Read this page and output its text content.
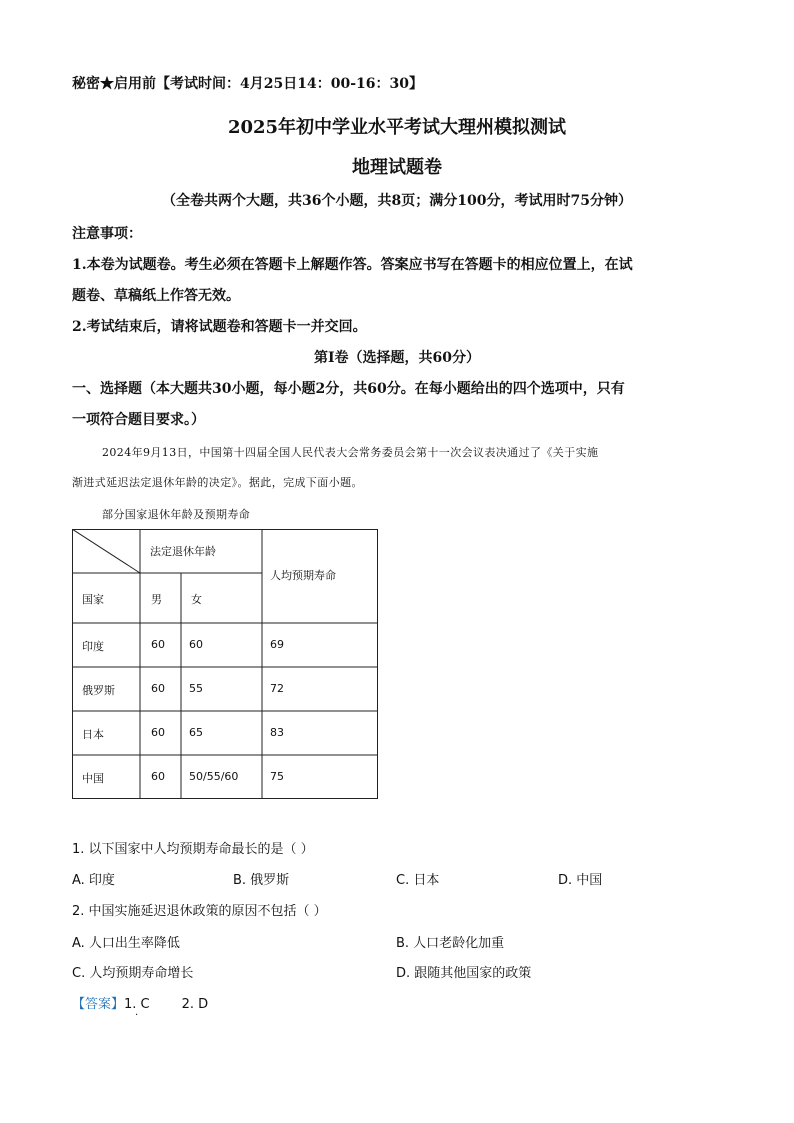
秘密★启用前【考试时间：4月25日14：00-16：30】
2025年初中学业水平考试大理州模拟测试
地理试题卷
（全卷共两个大题，共36个小题，共8页；满分100分，考试用时75分钟）
注意事项：
1.本卷为试题卷。考生必须在答题卡上解题作答。答案应书写在答题卡的相应位置上，在试
题卷、草稿纸上作答无效。
2.考试结束后，请将试题卷和答题卡一并交回。
第Ⅰ卷（选择题，共60分）
一、选择题（本大题共30小题，每小题2分，共60分。在每小题给出的四个选项中，只有
一项符合题目要求。）
2024年9月13日，中国第十四届全国人民代表大会常务委员会第十一次会议表决通过了《关于实施
渐进式延迟法定退休年龄的决定》。据此，完成下面小题。
部分国家退休年龄及预期寿命
法定退休年龄
人均预期寿命
国家	男	女
印度	60 60	69
俄罗斯	60 55	72
日本	60 65	83
中国	60 50/55/60	75
1. 以下国家中人均预期寿命最长的是（ ）
A. 印度	B. 俄罗斯	C. 日本	D. 中国
2. 中国实施延迟退休政策的原因不包括（ ）
A. 人口出生率降低	B. 人口老龄化加重
C. 人均预期寿命增长	D. 跟随其他国家的政策
【答案】1. C 2. D
·
